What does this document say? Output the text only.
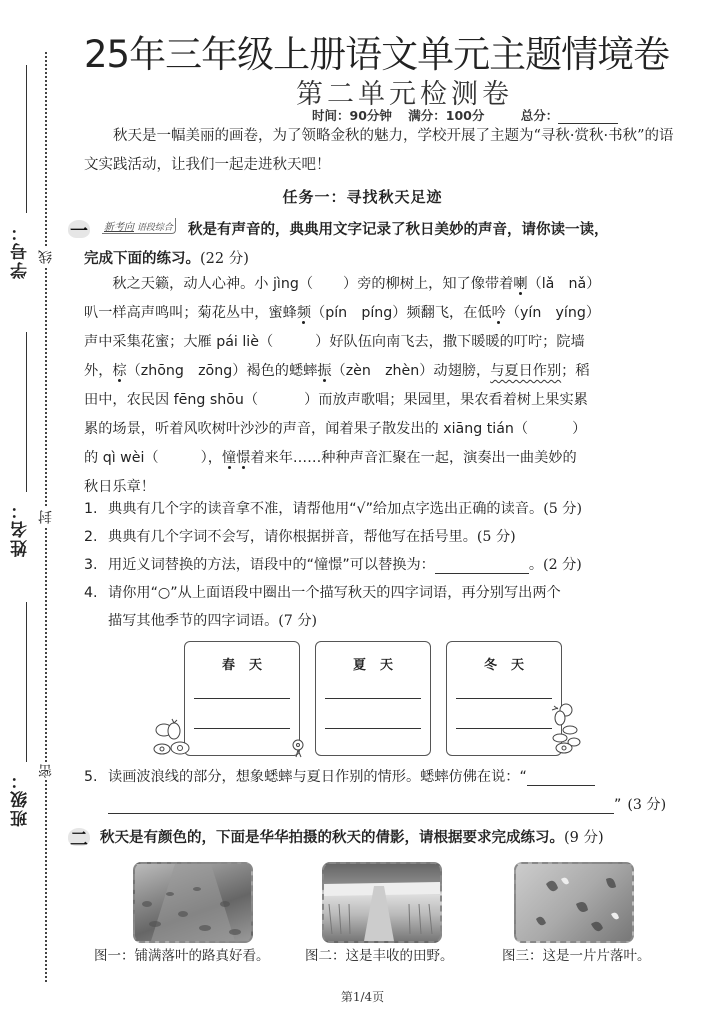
学号： 线
姓名： 封
班级： 密
25年三年级上册语文单元主题情境卷
第二单元检测卷
时间：90分钟 满分：100分	总分：
秋天是一幅美丽的画卷，为了领略金秋的魅力，学校开展了主题为“寻秋·赏秋·书秋”的语文实践活动，让我们一起走进秋天吧！
任务一：寻找秋天足迹
一 新考向 语段综合 秋是有声音的，典典用文字记录了秋日美妙的声音，请你读一读，
完成下面的练习。(22 分)
秋之天籁，动人心神。小 jìng（ ）旁的柳树上，知了像带着喇（lǎ　nǎ）
叭一样高声鸣叫；菊花丛中，蜜蜂频（pín　píng）频翻飞，在低吟（yín　yíng）
声中采集花蜜；大雁 pái liè（	）好队伍向南飞去，撒下暖暖的叮咛；院墙
外，棕（zhōng　zōng）褐色的蟋蟀振（zèn　zhèn）动翅膀，与夏日作别；稻
田中，农民因 fēng shōu（	）而放声歌唱；果园里，果农看着树上果实累
累的场景，听着风吹树叶沙沙的声音，闻着果子散发出的 xiāng tián（	）
的 qì wèi（	），憧憬着来年……种种声音汇聚在一起，演奏出一曲美妙的
秋日乐章！
1. 典典有几个字的读音拿不准，请帮他用“√”给加点字选出正确的读音。(5 分)
2. 典典有几个字词不会写，请你根据拼音，帮他写在括号里。(5 分)
3. 用近义词替换的方法，语段中的“憧憬”可以替换为：	。(2 分)
4. 请你用“○”从上面语段中圈出一个描写秋天的四字词语，再分别写出两个
描写其他季节的四字词语。(7 分)
春天	夏天	冬天
5. 读画波浪线的部分，想象蟋蟀与夏日作别的情形。蟋蟀仿佛在说：“
” (3 分)
二 秋天是有颜色的，下面是华华拍摄的秋天的倩影，请根据要求完成练习。(9 分)
图一：铺满落叶的路真好看。	图二：这是丰收的田野。	图三：这是一片片落叶。
第1/4页
